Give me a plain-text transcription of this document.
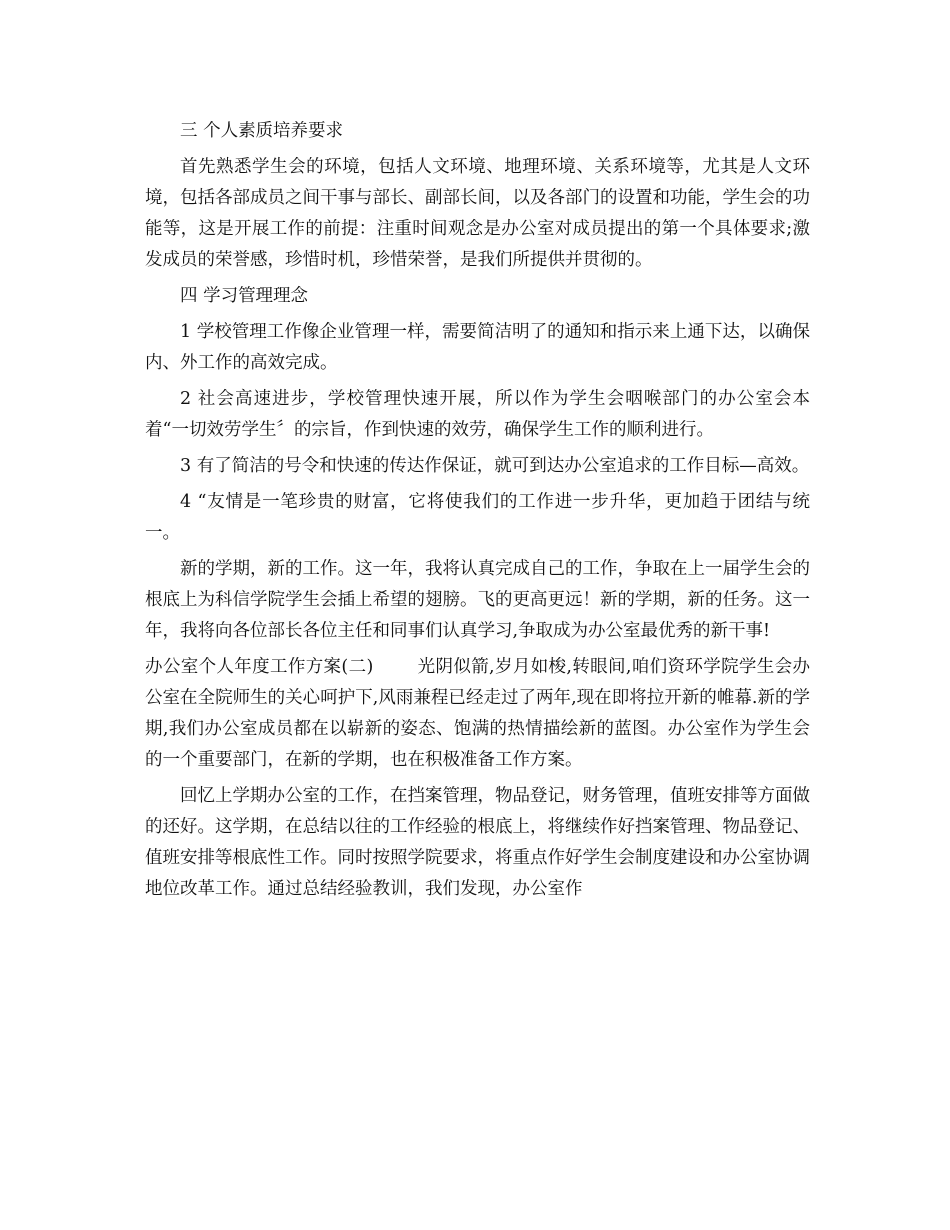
三 个人素质培养要求

首先熟悉学生会的环境，包括人文环境、地理环境、关系环境等，尤其是人文环境，包括各部成员之间干事与部长、副部长间，以及各部门的设置和功能，学生会的功能等，这是开展工作的前提：注重时间观念是办公室对成员提出的第一个具体要求;激发成员的荣誉感，珍惜时机，珍惜荣誉，是我们所提供并贯彻的。

四 学习管理理念

1 学校管理工作像企业管理一样，需要简洁明了的通知和指示来上通下达，以确保内、外工作的高效完成。

2 社会高速进步，学校管理快速开展，所以作为学生会咽喉部门的办公室会本着“一切效劳学生〞的宗旨，作到快速的效劳，确保学生工作的顺利进行。

3 有了简洁的号令和快速的传达作保证，就可到达办公室追求的工作目标—高效。

4 “友情是一笔珍贵的财富，它将使我们的工作进一步升华，更加趋于团结与统一。

新的学期，新的工作。这一年，我将认真完成自己的工作，争取在上一届学生会的根底上为科信学院学生会插上希望的翅膀。飞的更高更远！新的学期，新的任务。这一年，我将向各位部长各位主任和同事们认真学习,争取成为办公室最优秀的新干事!

办公室个人年度工作方案(二)	光阴似箭,岁月如梭,转眼间,咱们资环学院学生会办公室在全院师生的关心呵护下,风雨兼程已经走过了两年,现在即将拉开新的帷幕.新的学期,我们办公室成员都在以崭新的姿态、饱满的热情描绘新的蓝图。办公室作为学生会的一个重要部门，在新的学期，也在积极准备工作方案。

回忆上学期办公室的工作，在挡案管理，物品登记，财务管理，值班安排等方面做的还好。这学期，在总结以往的工作经验的根底上，将继续作好挡案管理、物品登记、值班安排等根底性工作。同时按照学院要求，将重点作好学生会制度建设和办公室协调地位改革工作。通过总结经验教训，我们发现，办公室作
